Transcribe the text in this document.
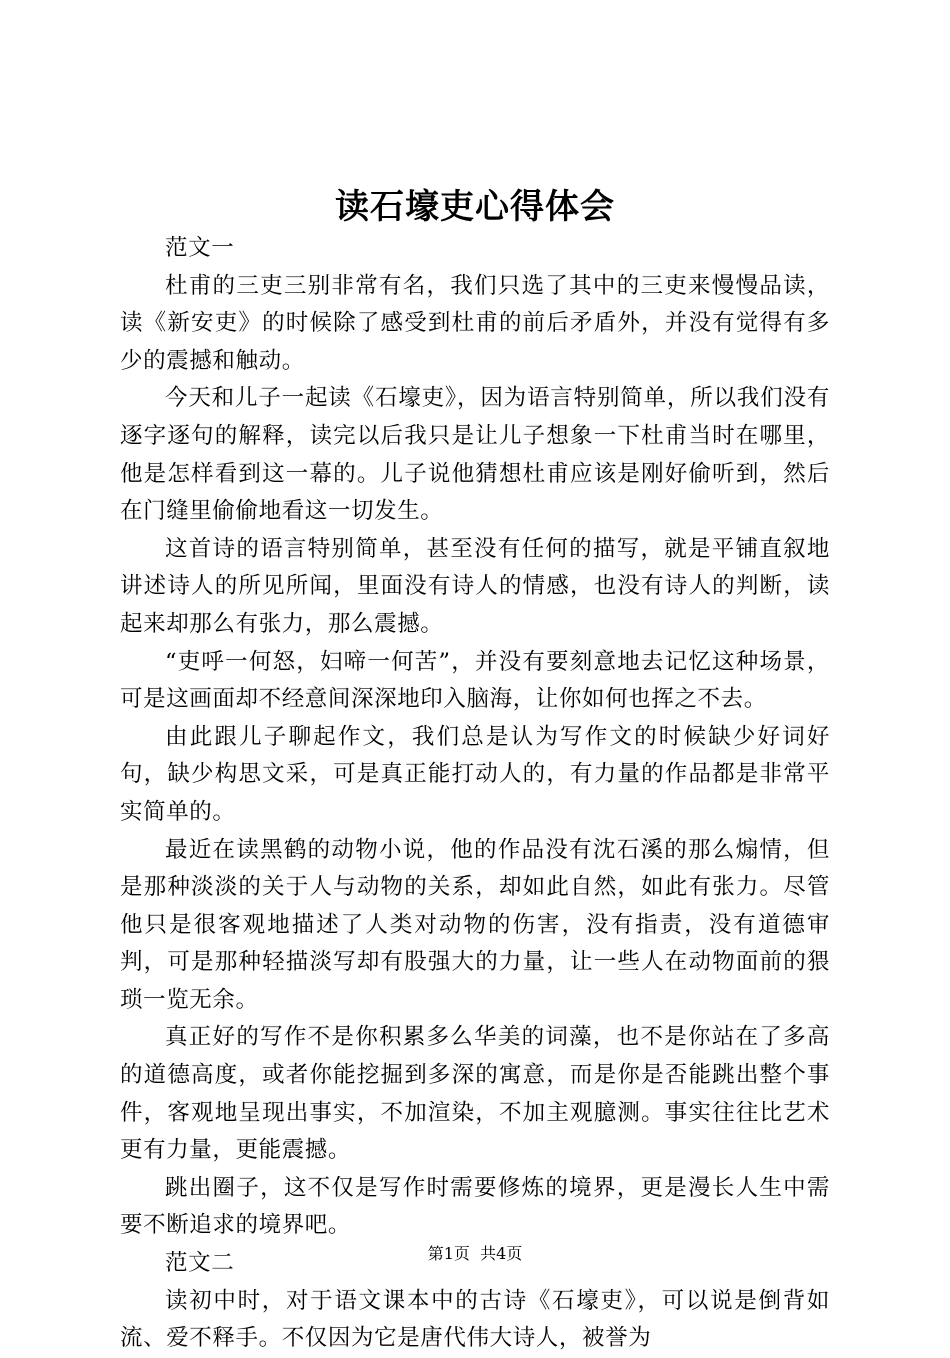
读石壕吏心得体会

范文一

杜甫的三吏三别非常有名，我们只选了其中的三吏来慢慢品读，读《新安吏》的时候除了感受到杜甫的前后矛盾外，并没有觉得有多少的震撼和触动。

今天和儿子一起读《石壕吏》，因为语言特别简单，所以我们没有逐字逐句的解释，读完以后我只是让儿子想象一下杜甫当时在哪里，他是怎样看到这一幕的。儿子说他猜想杜甫应该是刚好偷听到，然后在门缝里偷偷地看这一切发生。

这首诗的语言特别简单，甚至没有任何的描写，就是平铺直叙地讲述诗人的所见所闻，里面没有诗人的情感，也没有诗人的判断，读起来却那么有张力，那么震撼。

“吏呼一何怒，妇啼一何苦”，并没有要刻意地去记忆这种场景，可是这画面却不经意间深深地印入脑海，让你如何也挥之不去。

由此跟儿子聊起作文，我们总是认为写作文的时候缺少好词好句，缺少构思文采，可是真正能打动人的，有力量的作品都是非常平实简单的。

最近在读黑鹤的动物小说，他的作品没有沈石溪的那么煽情，但是那种淡淡的关于人与动物的关系，却如此自然，如此有张力。尽管他只是很客观地描述了人类对动物的伤害，没有指责，没有道德审判，可是那种轻描淡写却有股强大的力量，让一些人在动物面前的猥琐一览无余。

真正好的写作不是你积累多么华美的词藻，也不是你站在了多高的道德高度，或者你能挖掘到多深的寓意，而是你是否能跳出整个事件，客观地呈现出事实，不加渲染，不加主观臆测。事实往往比艺术更有力量，更能震撼。

跳出圈子，这不仅是写作时需要修炼的境界，更是漫长人生中需要不断追求的境界吧。

范文二

读初中时，对于语文课本中的古诗《石壕吏》，可以说是倒背如流、爱不释手。不仅因为它是唐代伟大诗人，被誉为

第1页  共4页
